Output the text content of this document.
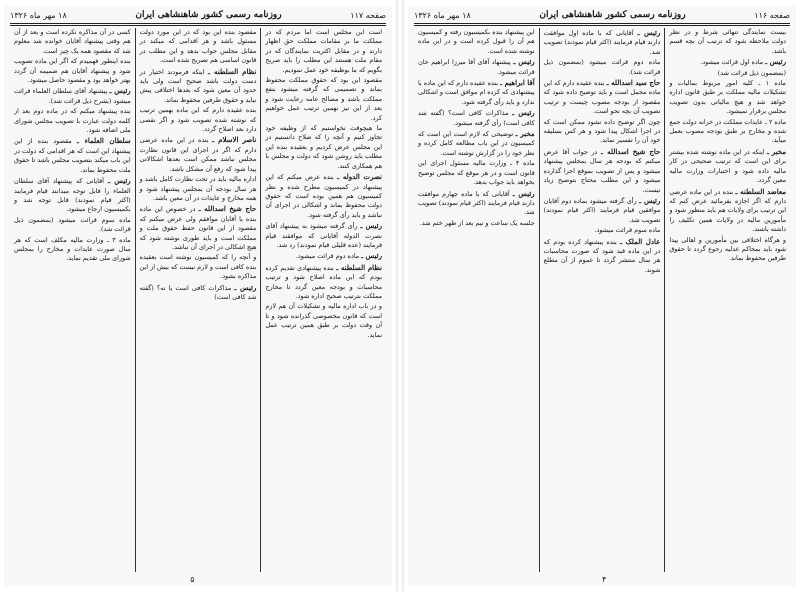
صفحه ۱۱۷
روزنامه رسمی کشور شاهنشاهی ایران
۱۸ مهر ماه ۱۳۲۶

است این مجلس است اما مردم که در مملکت ما بر مقامات مملکت حق اظهار دارند و در مقابل اکثریت نمایندگان که در مقام ملت هستند این مطلب را باید صریح بگویم که ما بوظیفه خود عمل نمودیم.

مقصود این بود که حقوق مملکت محفوظ بماند و تصمیمی که گرفته میشود بنفع مملکت باشد و مصالح عامه رعایت شود و بعد از این نیز بهمین ترتیب عمل خواهیم کرد.

ما هیچوقت نخواستیم که از وظیفه خود تجاوز کنیم و آنچه را که صلاح دانستیم در این مجلس عرض کردیم و بعقیده بنده این مطلب باید روشن شود که دولت و مجلس با هم همکاری کنند.

نصرت الدوله ـ بنده عرض میکنم که این پیشنهاد در کمیسیون مطرح شده و نظر کمیسیون هم همین بوده است که حقوق دولت محفوظ بماند و اشکالی در اجرای آن نباشد و باید رأی گرفته شود.

رئیس ـ رأی گرفته میشود به پیشنهاد آقای نصرت الدوله آقایانی که موافقند قیام فرمایند (عده قلیلی قیام نمودند) رد شد.

رئیس ـ ماده دوم قرائت میشود.

نظام السلطنه ـ بنده پیشنهادی تقدیم کرده بودم که این ماده اصلاح شود و ترتیب محاسبات و بودجه معین گردد تا مخارج مملکت بترتیب صحیح اداره شود.

و در باب اداره مالیه و تشکیلات آن هم لازم است که قانون مخصوصی گذرانده شود و تا آن وقت دولت بر طبق همین ترتیب عمل نماید.

مقصود بنده این بود که در این مورد دولت مسئول باشد و هر اقدامی که میکند در مقابل مجلس جواب بدهد و این مطلب در قانون اساسی هم تصریح شده است.

نظام السلطنه ـ اینکه فرمودند اختیار در دست دولت باشد صحیح است ولی باید حدود آن معین شود که بعدها اختلافی پیش نیاید و حقوق طرفین محفوظ بماند.

بنده عقیده دارم که این ماده بهمین ترتیب که نوشته شده تصویب شود و اگر نقصی دارد بعد اصلاح گردد.

ناصر الاسلام ـ بنده در این ماده عرضی دارم که اگر در اجرای این قانون نظارت مجلس نباشد ممکن است بعدها اشکالاتی پیدا شود که رفع آن مشکل باشد.

اداره مالیه باید در تحت نظارت کامل باشد و هر سال بودجه آن بمجلس پیشنهاد شود و همه مخارج و عایدات در آن معین باشد.

حاج شیخ اسدالله ـ در خصوص این ماده بنده با آقایان موافقم ولی عرض میکنم که مقصود از این قانون حفظ حقوق ملت و مملکت است و باید طوری نوشته شود که هیچ اشکالی در اجرای آن نباشد.

و آنچه را که کمیسیون نوشته است بعقیده بنده کافی است و لازم نیست که بیش از این مذاکره بشود.

رئیس ـ مذاکرات کافی است یا نه؟ (گفته شد کافی است)

کسی در آن مذاکره نکرده است و بعد از آن هم وقتی پیشنهاد آقایان خوانده شد معلوم شد که مقصود همه یک چیز است.

بنده اینطور فهمیدم که اگر این ماده تصویب شود و پیشنهاد آقایان هم ضمیمه آن گردد بهتر خواهد بود و مقصود حاصل میشود.

رئیس ـ پیشنهاد آقای سلطان العلماء قرائت میشود (بشرح ذیل قرائت شد).

بنده پیشنهاد میکنم که در ماده دوم بعد از کلمه دولت عبارت با تصویب مجلس شورای ملی اضافه شود.

سلطان العلماء ـ مقصود بنده از این پیشنهاد این است که هر اقدامی که دولت در این باب میکند بتصویب مجلس باشد تا حقوق ملت محفوظ بماند.

رئیس ـ آقایانی که پیشنهاد آقای سلطان العلماء را قابل توجه میدانند قیام فرمایند (اکثر قیام نمودند) قابل توجه شد و بکمیسیون ارجاع میشود.

ماده سوم قرائت میشود (بمضمون ذیل قرائت شد).

ماده ۳ ـ وزارت مالیه مکلف است که هر سال صورت عایدات و مخارج را بمجلس شورای ملی تقدیم نماید.

۵
صفحه ۱۱۶
روزنامه رسمی کشور شاهنشاهی ایران
۱۸ مهر ماه ۱۳۲۶

بیست نمایندگی تنهائی شرط و در نظر دولت ملاحظه شود که ترتیب آن بچه قسم باشد.

رئیس ـ ماده اول قرائت میشود.

(بمضمون ذیل قرائت شد)

ماده ۱ ـ کلیه امور مربوط بمالیات و تشکیلات مالیه مملکت بر طبق قانون اداره خواهد شد و هیچ مالیاتی بدون تصویب مجلس برقرار نمیشود.

ماده ۲ ـ عایدات مملکت در خزانه دولت جمع شده و مخارج بر طبق بودجه مصوب بعمل میآید.

مخبر ـ اینکه در این ماده نوشته شده بیشتر برای این است که ترتیب صحیحی در کار مالیه داده شود و اختیارات وزارت مالیه معین گردد.

معاضد السلطنه ـ بنده در این ماده عرضی دارم که اگر اجازه بفرمائید عرض کنم که این ترتیب برای ولایات هم باید منظور شود و مأمورین مالیه در ولایات همین تکلیف را داشته باشند.

و هرگاه اختلافی بین مأمورین و اهالی پیدا شود باید بمحاکم عدلیه رجوع گردد تا حقوق طرفین محفوظ بماند.

رئیس ـ آقایانی که با ماده اول موافقت دارند قیام فرمایند (اکثر قیام نمودند) تصویب شد.

ماده دوم قرائت میشود (بمضمون ذیل قرائت شد).

حاج سید اسدالله ـ بنده عقیده دارم که این ماده مجمل است و باید توضیح داده شود که مقصود از بودجه مصوب چیست و ترتیب تصویب آن بچه نحو است.

چون اگر توضیح داده نشود ممکن است که در اجرا اشکال پیدا شود و هر کس بسلیقه خود آن را تفسیر نماید.

حاج شیخ اسدالله ـ در جواب آقا عرض میکنم که بودجه هر سال بمجلس پیشنهاد میشود و پس از تصویب بموقع اجرا گذارده میشود و این مطلب محتاج بتوضیح زیاد نیست.

رئیس ـ رأی گرفته میشود بماده دوم آقایان موافقین قیام فرمایند (اکثر قیام نمودند) تصویب شد.

ماده سوم قرائت میشود.

عادل الملک ـ بنده پیشنهاد کرده بودم که در این ماده قید شود که صورت محاسبات هر سال منتشر گردد تا عموم از آن مطلع شوند.

این پیشنهاد بنده بکمیسیون رفته و کمیسیون هم آن را قبول کرده است و در این ماده نوشته شده است.

رئیس ـ پیشنهاد آقای آقا میرزا ابراهیم خان قرائت میشود.

آقا ابراهیم ـ بنده عقیده دارم که این ماده با پیشنهادی که کرده ام موافق است و اشکالی ندارد و باید رأی گرفته شود.

رئیس ـ مذاکرات کافی است؟ (گفته شد کافی است) رأی گرفته میشود.

مخبر ـ توضیحی که لازم است این است که کمیسیون در این باب مطالعه کامل کرده و نظر خود را در گزارش نوشته است.

ماده ۴ ـ وزارت مالیه مسئول اجرای این قانون است و در هر موقع که مجلس توضیح بخواهد باید جواب بدهد.

رئیس ـ آقایانی که با ماده چهارم موافقت دارند قیام فرمایند (اکثر قیام نمودند) تصویب شد.

جلسه یک ساعت و نیم بعد از ظهر ختم شد.

۴
